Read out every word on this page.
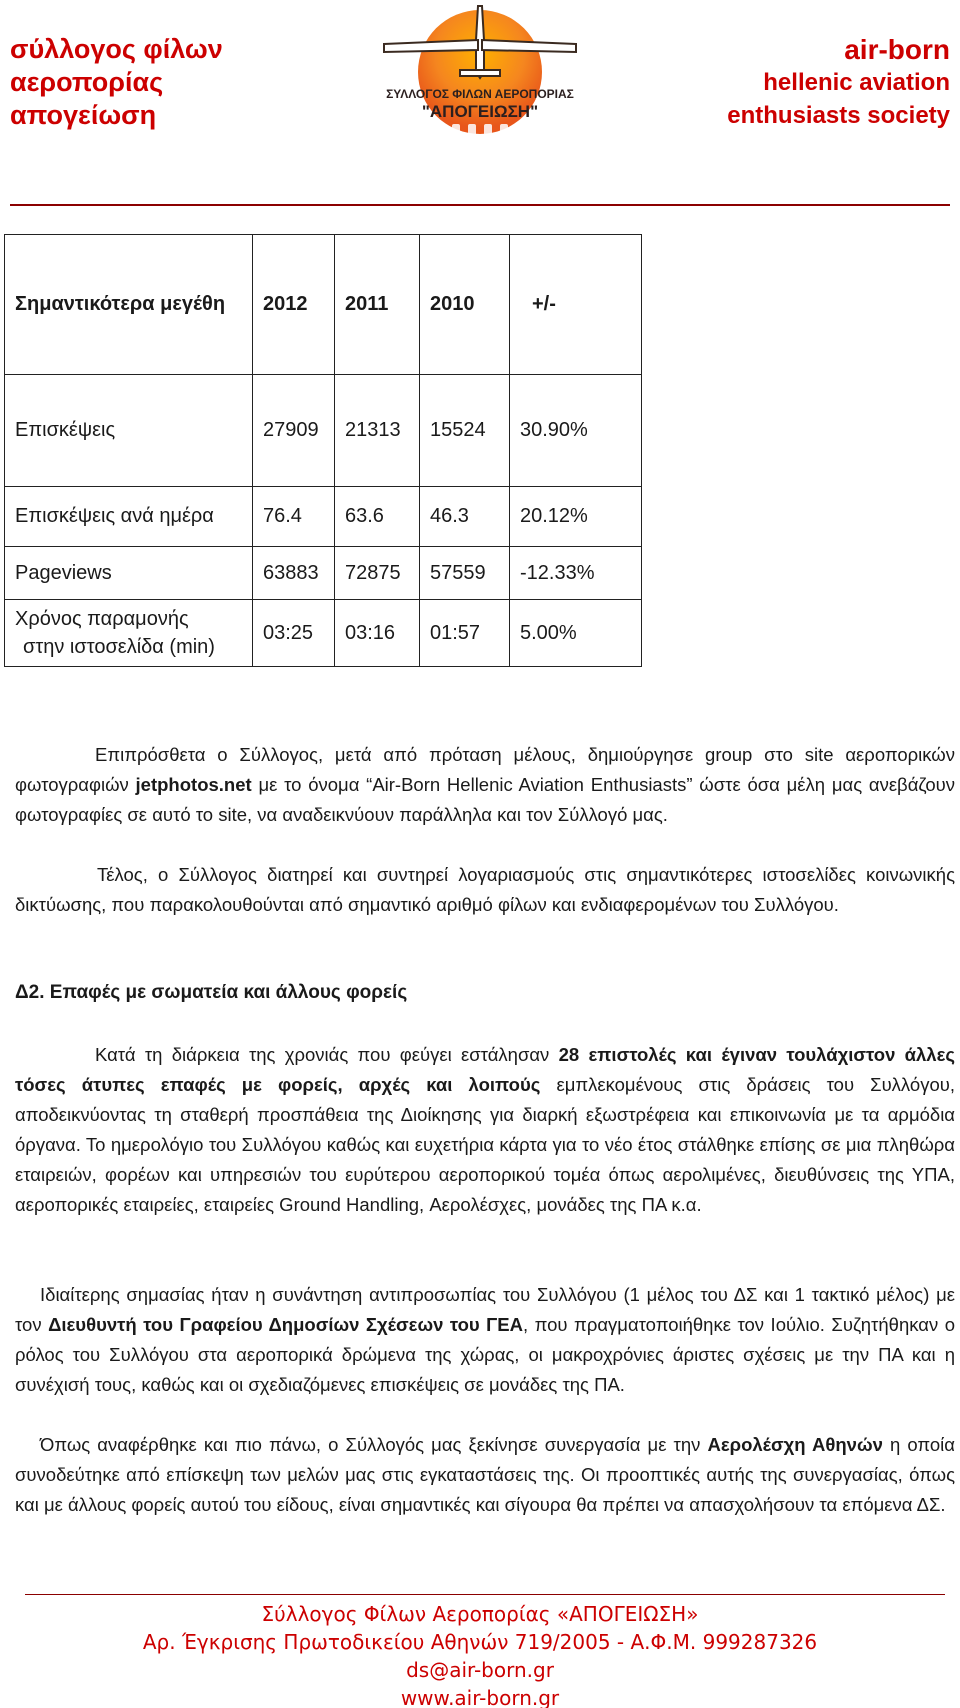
σύλλογος φίλων
αεροπορίας
απογείωση
ΣΥΛΛΟΓΟΣ ΦΙΛΩΝ ΑΕΡΟΠΟΡΙΑΣ
"ΑΠΟΓΕΙΩΣΗ"
air-born
hellenic aviation
enthusiasts society
Σημαντικότερα μεγέθη	2012	2011	2010	+/-
Επισκέψεις	27909	21313	15524	30.90%
Επισκέψεις ανά ημέρα	76.4	63.6	46.3	20.12%
Pageviews	63883	72875	57559	-12.33%

Χρόνος παραμονής
στην ιστοσελίδα (min)	03:25	03:16	01:57	5.00%

Επιπρόσθετα ο Σύλλογος, μετά από πρόταση μέλους, δημιούργησε group στο site αεροπορικών φωτογραφιών jetphotos.net με το όνομα “Air-Born Hellenic Aviation Enthusiasts” ώστε όσα μέλη μας ανεβάζουν φωτογραφίες σε αυτό το site, να αναδεικνύουν παράλληλα και τον Σύλλογό μας.

Τέλος, ο Σύλλογος διατηρεί και συντηρεί λογαριασμούς στις σημαντικότερες ιστοσελίδες κοινωνικής δικτύωσης, που παρακολουθούνται από σημαντικό αριθμό φίλων και ενδιαφερομένων του Συλλόγου.

Δ2. Επαφές με σωματεία και άλλους φορείς

Κατά τη διάρκεια της χρονιάς που φεύγει εστάλησαν 28 επιστολές και έγιναν τουλάχιστον άλλες τόσες άτυπες επαφές με φορείς, αρχές και λοιπούς εμπλεκομένους στις δράσεις του Συλλόγου, αποδεικνύοντας τη σταθερή προσπάθεια της Διοίκησης για διαρκή εξωστρέφεια και επικοινωνία με τα αρμόδια όργανα. Το ημερολόγιο του Συλλόγου καθώς και ευχετήρια κάρτα για το νέο έτος στάλθηκε επίσης σε μια πληθώρα εταιρειών, φορέων και υπηρεσιών του ευρύτερου αεροπορικού τομέα όπως αερολιμένες, διευθύνσεις της ΥΠΑ, αεροπορικές εταιρείες, εταιρείες Ground Handling, Αερολέσχες, μονάδες της ΠΑ κ.α.

Ιδιαίτερης σημασίας ήταν η συνάντηση αντιπροσωπίας του Συλλόγου (1 μέλος του ΔΣ και 1 τακτικό μέλος) με τον Διευθυντή του Γραφείου Δημοσίων Σχέσεων του ΓΕΑ, που πραγματοποιήθηκε τον Ιούλιο. Συζητήθηκαν ο ρόλος του Συλλόγου στα αεροπορικά δρώμενα της χώρας, οι μακροχρόνιες άριστες σχέσεις με την ΠΑ και η συνέχισή τους, καθώς και οι σχεδιαζόμενες επισκέψεις σε μονάδες της ΠΑ.

Όπως αναφέρθηκε και πιο πάνω, ο Σύλλογός μας ξεκίνησε συνεργασία με την Αερολέσχη Αθηνών η οποία συνοδεύτηκε από επίσκεψη των μελών μας στις εγκαταστάσεις της. Οι προοπτικές αυτής της συνεργασίας, όπως και με άλλους φορείς αυτού του είδους, είναι σημαντικές και σίγουρα θα πρέπει να απασχολήσουν τα επόμενα ΔΣ.

Σύλλογος Φίλων Αεροπορίας «ΑΠΟΓΕΙΩΣΗ»
Αρ. Έγκρισης Πρωτοδικείου Αθηνών 719/2005 - Α.Φ.Μ. 999287326
ds@air-born.gr
www.air-born.gr
